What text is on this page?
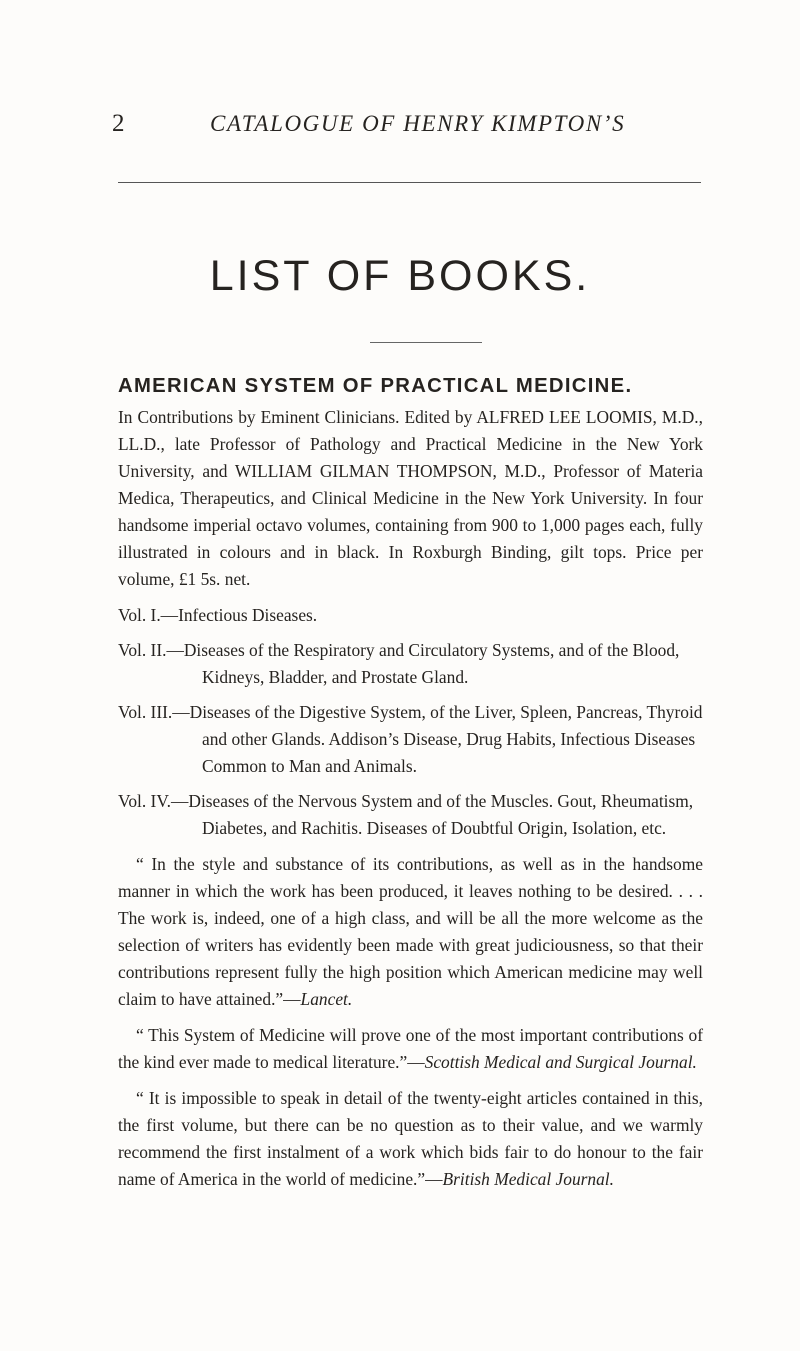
2	CATALOGUE OF HENRY KIMPTON’S
LIST OF BOOKS.
AMERICAN SYSTEM OF PRACTICAL MEDICINE.

In Contributions by Eminent Clinicians. Edited by ALFRED LEE LOOMIS, M.D., LL.D., late Professor of Pathology and Practical Medicine in the New York University, and WILLIAM GILMAN THOMPSON, M.D., Professor of Materia Medica, Therapeutics, and Clinical Medicine in the New York University. In four handsome imperial octavo volumes, containing from 900 to 1,000 pages each, fully illustrated in colours and in black. In Roxburgh Binding, gilt tops. Price per volume, £1 5s. net.

Vol. I.—Infectious Diseases.

Vol. II.—Diseases of the Respiratory and Circulatory Systems, and of the Blood, Kidneys, Bladder, and Prostate Gland.

Vol. III.—Diseases of the Digestive System, of the Liver, Spleen, Pancreas, Thyroid and other Glands. Addison’s Disease, Drug Habits, Infectious Diseases Common to Man and Animals.

Vol. IV.—Diseases of the Nervous System and of the Muscles. Gout, Rheumatism, Diabetes, and Rachitis. Diseases of Doubtful Origin, Isolation, etc.

“ In the style and substance of its contributions, as well as in the handsome manner in which the work has been produced, it leaves nothing to be desired. . . . The work is, indeed, one of a high class, and will be all the more welcome as the selection of writers has evidently been made with great judiciousness, so that their contributions represent fully the high position which American medicine may well claim to have attained.”—Lancet.

“ This System of Medicine will prove one of the most important contributions of the kind ever made to medical literature.”—Scottish Medical and Surgical Journal.

“ It is impossible to speak in detail of the twenty-eight articles contained in this, the first volume, but there can be no question as to their value, and we warmly recommend the first instalment of a work which bids fair to do honour to the fair name of America in the world of medicine.”—British Medical Journal.
